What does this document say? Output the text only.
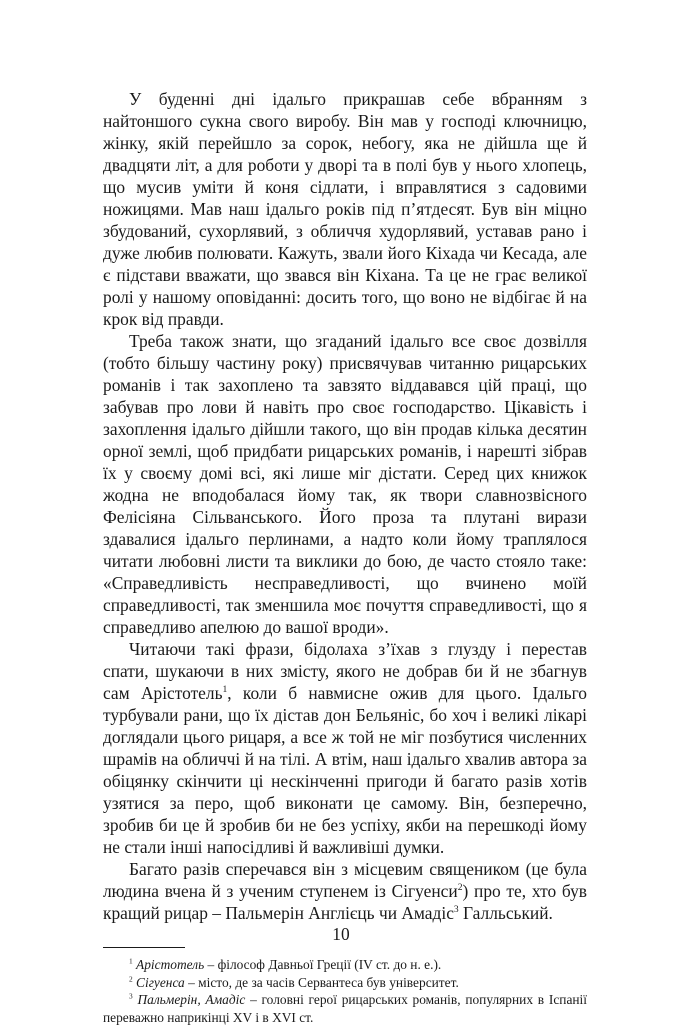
У буденні дні ідальго прикрашав себе вбранням з найтоншого сукна свого виробу. Він мав у господі ключницю, жінку, якій перейшло за сорок, небогу, яка не дійшла ще й двадцяти літ, а для роботи у дворі та в полі був у нього хлопець, що мусив уміти й коня сідлати, і вправлятися з садовими ножицями. Мав наш ідальго років під п’ятдесят. Був він міцно збудований, сухорлявий, з обличчя худорлявий, уставав рано і дуже любив полювати. Кажуть, звали його Кіхада чи Кесада, але є підстави вважати, що звався він Кіхана. Та це не грає великої ролі у нашому оповіданні: досить того, що воно не відбігає й на крок від правди.

Треба також знати, що згаданий ідальго все своє дозвілля (тобто більшу частину року) присвячував читанню рицарських романів і так захоплено та завзято віддавався цій праці, що забував про лови й навіть про своє господарство. Цікавість і захоплення ідальго дійшли такого, що він продав кілька десятин орної землі, щоб придбати рицарських романів, і нарешті зібрав їх у своєму домі всі, які лише міг дістати. Серед цих книжок жодна не вподобалася йому так, як твори славнозвісного Фелісіяна Сільванського. Його проза та плутані вирази здавалися ідальго перлинами, а надто коли йому траплялося читати любовні листи та виклики до бою, де часто стояло таке: «Справедливість несправедливості, що вчинено моїй справедливості, так зменшила моє почуття справедливості, що я справедливо апелюю до вашої вроди».

Читаючи такі фрази, бідолаха з’їхав з глузду і перестав спати, шукаючи в них змісту, якого не добрав би й не збагнув сам Арістотель$^1$, коли б навмисне ожив для цього. Ідальго турбували рани, що їх дістав дон Бельяніс, бо хоч і великі лікарі доглядали цього рицаря, а все ж той не міг позбутися численних шрамів на обличчі й на тілі. А втім, наш ідальго хвалив автора за обіцянку скінчити ці нескінченні пригоди й багато разів хотів узятися за перо, щоб виконати це самому. Він, безперечно, зробив би це й зробив би не без успіху, якби на перешкоді йому не стали інші напосідливі й важливіші думки.

Багато разів сперечався він з місцевим священиком (це була людина вчена й з ученим ступенем із Сігуенси$^2$) про те, хто був кращий рицар – Пальмерін Англієць чи Амадіс$^3$ Галльський.

$^1$ Арістотель – філософ Давньої Греції (IV ст. до н. е.).

$^2$ Сігуенса – місто, де за часів Сервантеса був університет.

$^3$ Пальмерін, Амадіс – головні герої рицарських романів, популярних в Іспанії переважно наприкінці XV і в XVI ст.

10
